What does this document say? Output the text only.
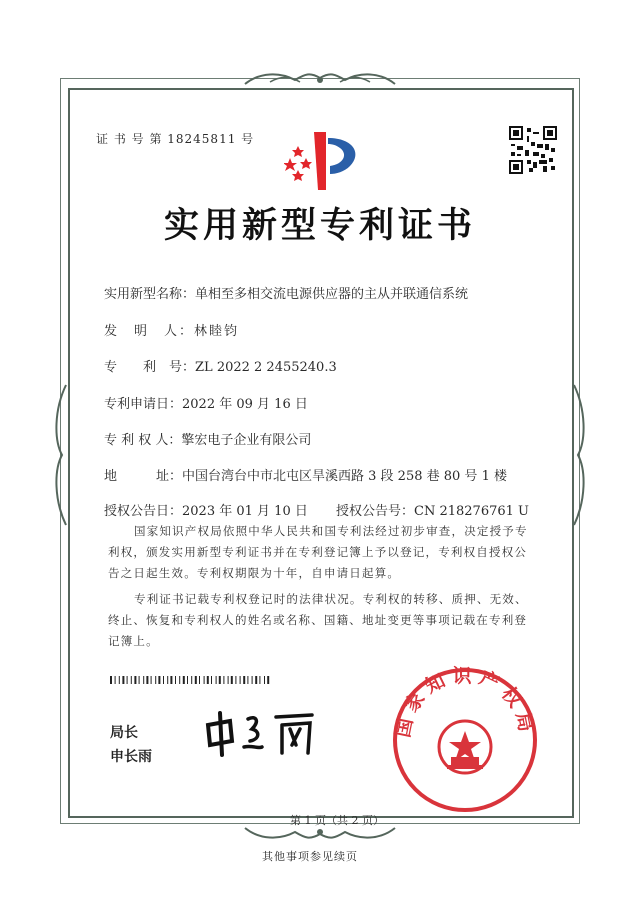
证 书 号 第 18245811 号
实用新型专利证书
实用新型名称：单相至多相交流电源供应器的主从并联通信系统
发　明　人：林睦钧
专　　利　号：ZL 2022 2 2455240.3
专利申请日：2022 年 09 月 16 日
专 利 权 人：擎宏电子企业有限公司
地　　　址：中国台湾台中市北屯区旱溪西路 3 段 258 巷 80 号 1 楼
授权公告日：2023 年 01 月 10 日 授权公告号：CN 218276761 U
国家知识产权局依照中华人民共和国专利法经过初步审查，决定授予专利权，颁发实用新型专利证书并在专利登记簿上予以登记，专利权自授权公告之日起生效。专利权期限为十年，自申请日起算。
专利证书记载专利权登记时的法律状况。专利权的转移、质押、无效、终止、恢复和专利权人的姓名或名称、国籍、地址变更等事项记载在专利登记簿上。
局长
申长雨
国家知识产权局
第 1 页（共 2 页）
其他事项参见续页
